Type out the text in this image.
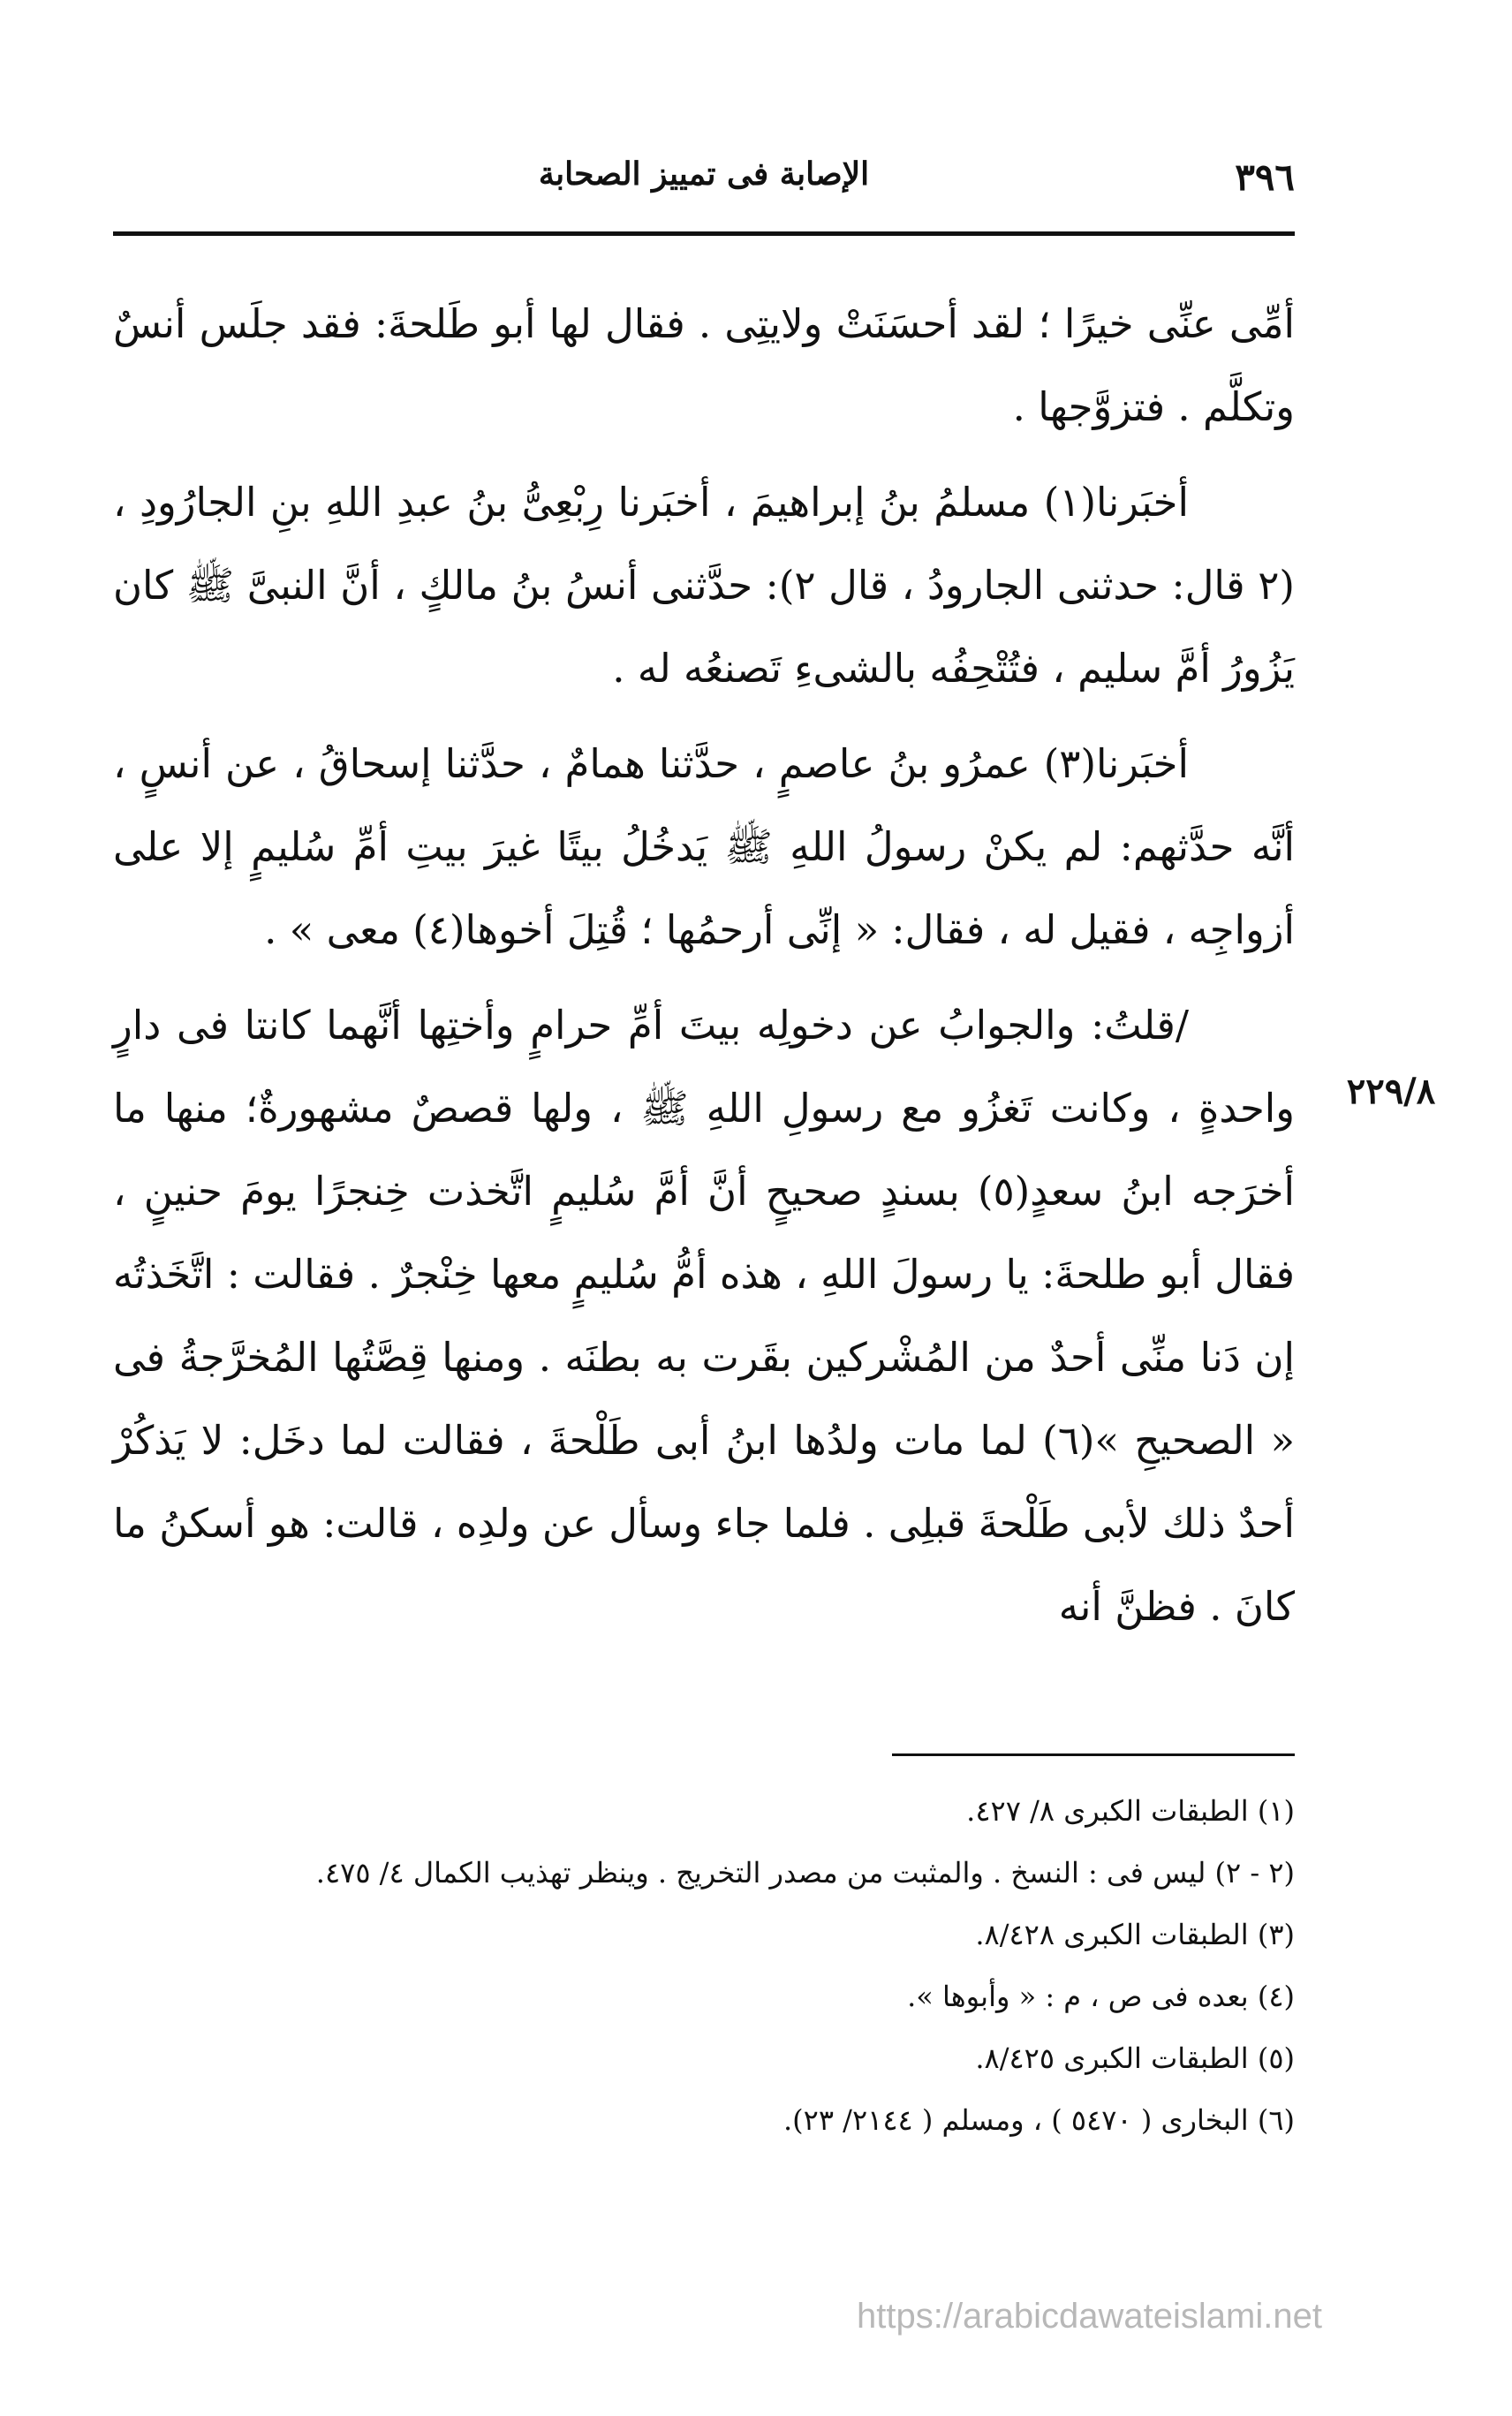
٣٩٦
الإصابة فى تمييز الصحابة

أمِّى عنِّى خيرًا ؛ لقد أحسَنَتْ ولايتِى . فقال لها أبو طَلحةَ: فقد جلَس أنسٌ وتكلَّم . فتزوَّجها .

أخبَرنا(١) مسلمُ بنُ إبراهيمَ ، أخبَرنا رِبْعِىُّ بنُ عبدِ اللهِ بنِ الجارُودِ ، (٢ قال: حدثنى الجارودُ ، قال ٢): حدَّثنى أنسُ بنُ مالكٍ ، أنَّ النبىَّ ﷺ كان يَزُورُ أمَّ سليم ، فتُتْحِفُه بالشىءِ تَصنعُه له .

أخبَرنا(٣) عمرُو بنُ عاصمٍ ، حدَّثنا همامٌ ، حدَّثنا إسحاقُ ، عن أنسٍ ، أنَّه حدَّثهم: لم يكنْ رسولُ اللهِ ﷺ يَدخُلُ بيتًا غيرَ بيتِ أمِّ سُليمٍ إلا على أزواجِه ، فقيل له ، فقال: « إنِّى أرحمُها ؛ قُتِلَ أخوها(٤) معى » .

/قلتُ: والجوابُ عن دخولِه بيتَ أمِّ حرامٍ وأختِها أنَّهما كانتا فى دارٍ واحدةٍ ، وكانت تَغزُو مع رسولِ اللهِ ﷺ ، ولها قصصٌ مشهورةٌ؛ منها ما أخرَجه ابنُ سعدٍ(٥) بسندٍ صحيحٍ أنَّ أمَّ سُليمٍ اتَّخذت خِنجرًا يومَ حنينٍ ، فقال أبو طلحةَ: يا رسولَ اللهِ ، هذه أمُّ سُليمٍ معها خِنْجرٌ . فقالت : اتَّخَذتُه إن دَنا منِّى أحدٌ من المُشْركين بقَرت به بطنَه . ومنها قِصَّتُها المُخرَّجةُ فى « الصحيحِ »(٦) لما مات ولدُها ابنُ أبى طَلْحةَ ، فقالت لما دخَل: لا يَذكُرْ أحدٌ ذلك لأبى طَلْحةَ قبلِى . فلما جاء وسأل عن ولدِه ، قالت: هو أسكنُ ما كانَ . فظنَّ أنه

٢٢٩/٨

(١) الطبقات الكبرى ٨/ ٤٢٧.

(٢ - ٢) ليس فى : النسخ . والمثبت من مصدر التخريج . وينظر تهذيب الكمال ٤/ ٤٧٥.

(٣) الطبقات الكبرى ٨/٤٢٨.

(٤) بعده فى ص ، م : « وأبوها ».

(٥) الطبقات الكبرى ٨/٤٢٥.

(٦) البخارى ( ٥٤٧٠ ) ، ومسلم ( ٢١٤٤/ ٢٣).

https://arabicdawateislami.net
